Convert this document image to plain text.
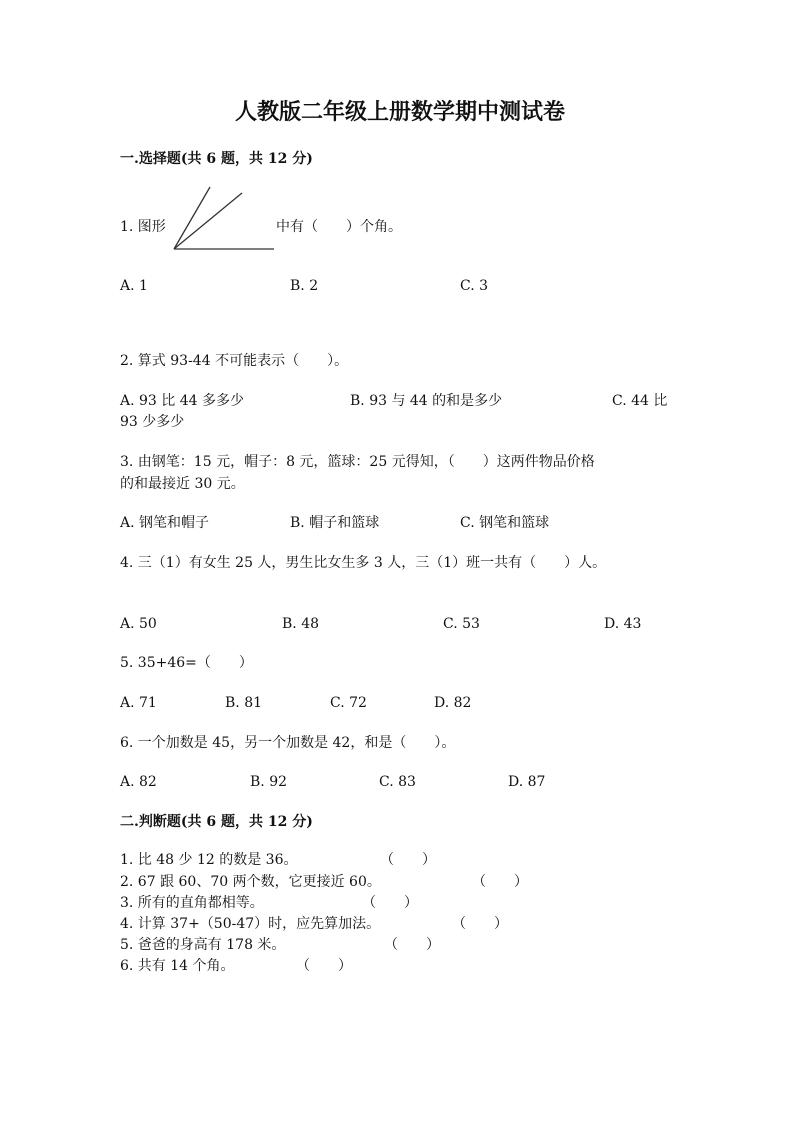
人教版二年级上册数学期中测试卷
一.选择题(共 6 题，共 12 分)
1. 图形	中有（　　）个角。
A. 1	B. 2	C. 3
2. 算式 93-44 不可能表示（　　）。
A. 93 比 44 多多少	B. 93 与 44 的和是多少	C. 44 比
93 少多少
3. 由钢笔：15 元，帽子：8 元，篮球：25 元得知，（　　）这两件物品价格
的和最接近 30 元。
A. 钢笔和帽子	B. 帽子和篮球	C. 钢笔和篮球
4. 三（1）有女生 25 人，男生比女生多 3 人，三（1）班一共有（　　）人。
A. 50	B. 48	C. 53	D. 43
5. 35+46=（　　）
A. 71	B. 81	C. 72	D. 82
6. 一个加数是 45，另一个加数是 42，和是（　　）。
A. 82	B. 92	C. 83	D. 87
二.判断题(共 6 题，共 12 分)
1. 比 48 少 12 的数是 36。	（　　）
2. 67 跟 60、70 两个数，它更接近 60。	（　　）
3. 所有的直角都相等。	（　　）
4. 计算 37+（50-47）时，应先算加法。	（　　）
5. 爸爸的身高有 178 米。	（　　）
6. 共有 14 个角。	（　　）
